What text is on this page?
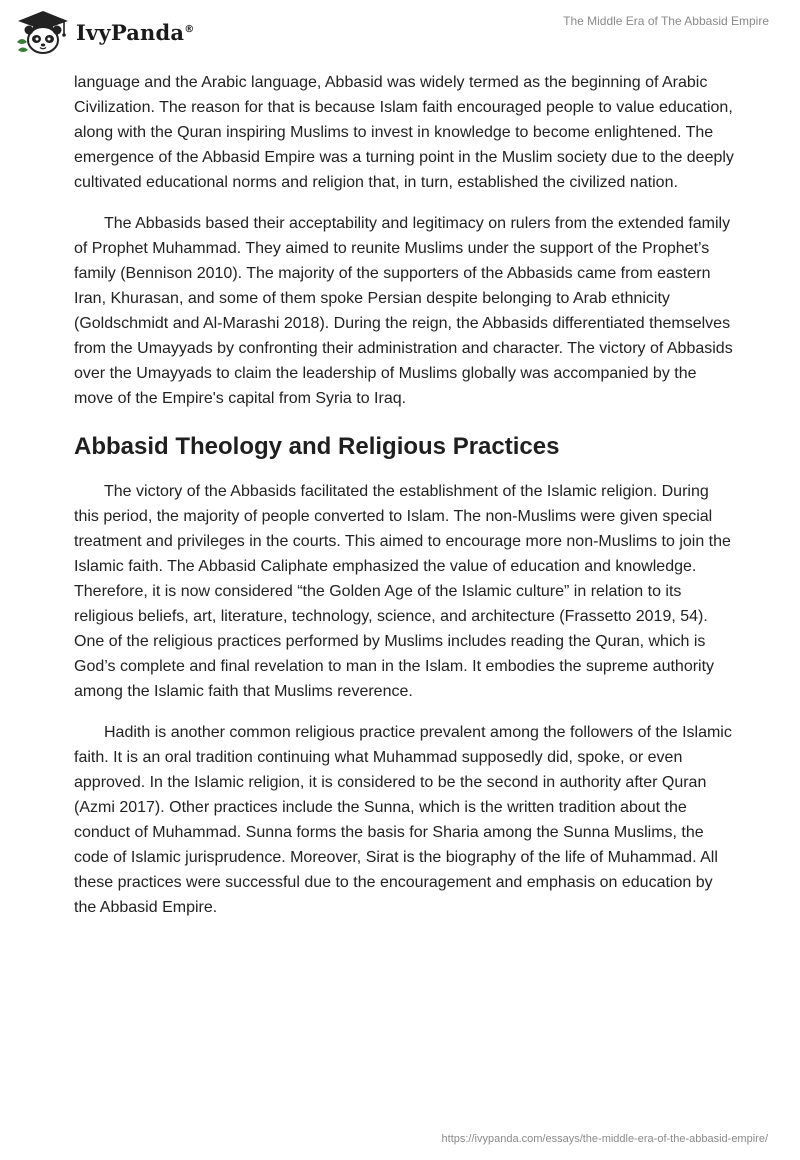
IvyPanda®
The Middle Era of The Abbasid Empire

language and the Arabic language, Abbasid was widely termed as the beginning of Arabic Civilization. The reason for that is because Islam faith encouraged people to value education, along with the Quran inspiring Muslims to invest in knowledge to become enlightened. The emergence of the Abbasid Empire was a turning point in the Muslim society due to the deeply cultivated educational norms and religion that, in turn, established the civilized nation.

The Abbasids based their acceptability and legitimacy on rulers from the extended family of Prophet Muhammad. They aimed to reunite Muslims under the support of the Prophet’s family (Bennison 2010). The majority of the supporters of the Abbasids came from eastern Iran, Khurasan, and some of them spoke Persian despite belonging to Arab ethnicity (Goldschmidt and Al-Marashi 2018). During the reign, the Abbasids differentiated themselves from the Umayyads by confronting their administration and character. The victory of Abbasids over the Umayyads to claim the leadership of Muslims globally was accompanied by the move of the Empire's capital from Syria to Iraq.

Abbasid Theology and Religious Practices

The victory of the Abbasids facilitated the establishment of the Islamic religion. During this period, the majority of people converted to Islam. The non-Muslims were given special treatment and privileges in the courts. This aimed to encourage more non-Muslims to join the Islamic faith. The Abbasid Caliphate emphasized the value of education and knowledge. Therefore, it is now considered “the Golden Age of the Islamic culture” in relation to its religious beliefs, art, literature, technology, science, and architecture (Frassetto 2019, 54). One of the religious practices performed by Muslims includes reading the Quran, which is God’s complete and final revelation to man in the Islam. It embodies the supreme authority among the Islamic faith that Muslims reverence.

Hadith is another common religious practice prevalent among the followers of the Islamic faith. It is an oral tradition continuing what Muhammad supposedly did, spoke, or even approved. In the Islamic religion, it is considered to be the second in authority after Quran (Azmi 2017). Other practices include the Sunna, which is the written tradition about the conduct of Muhammad. Sunna forms the basis for Sharia among the Sunna Muslims, the code of Islamic jurisprudence. Moreover, Sirat is the biography of the life of Muhammad. All these practices were successful due to the encouragement and emphasis on education by the Abbasid Empire.

https://ivypanda.com/essays/the-middle-era-of-the-abbasid-empire/
